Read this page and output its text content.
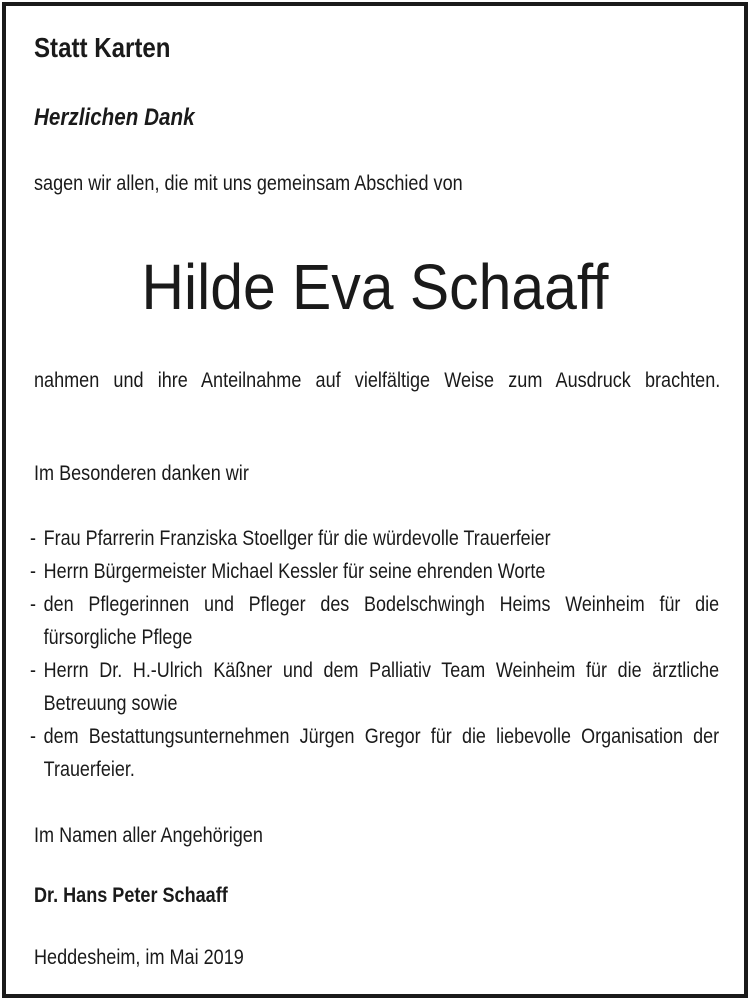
Statt Karten
Herzlichen Dank
sagen wir allen, die mit uns gemeinsam Abschied von
Hilde Eva Schaaff
nahmen und ihre Anteilnahme auf vielfältige Weise zum Ausdruck brachten.
Im Besonderen danken wir
- Frau Pfarrerin Franziska Stoellger für die würdevolle Trauerfeier
- Herrn Bürgermeister Michael Kessler für seine ehrenden Worte
- den Pflegerinnen und Pfleger des Bodelschwingh Heims Weinheim für die fürsorgliche Pflege
- Herrn Dr. H.-Ulrich Käßner und dem Palliativ Team Weinheim für die ärztliche Betreuung sowie
- dem Bestattungsunternehmen Jürgen Gregor für die liebevolle Organisation der Trauerfeier.
Im Namen aller Angehörigen
Dr. Hans Peter Schaaff
Heddesheim, im Mai 2019
